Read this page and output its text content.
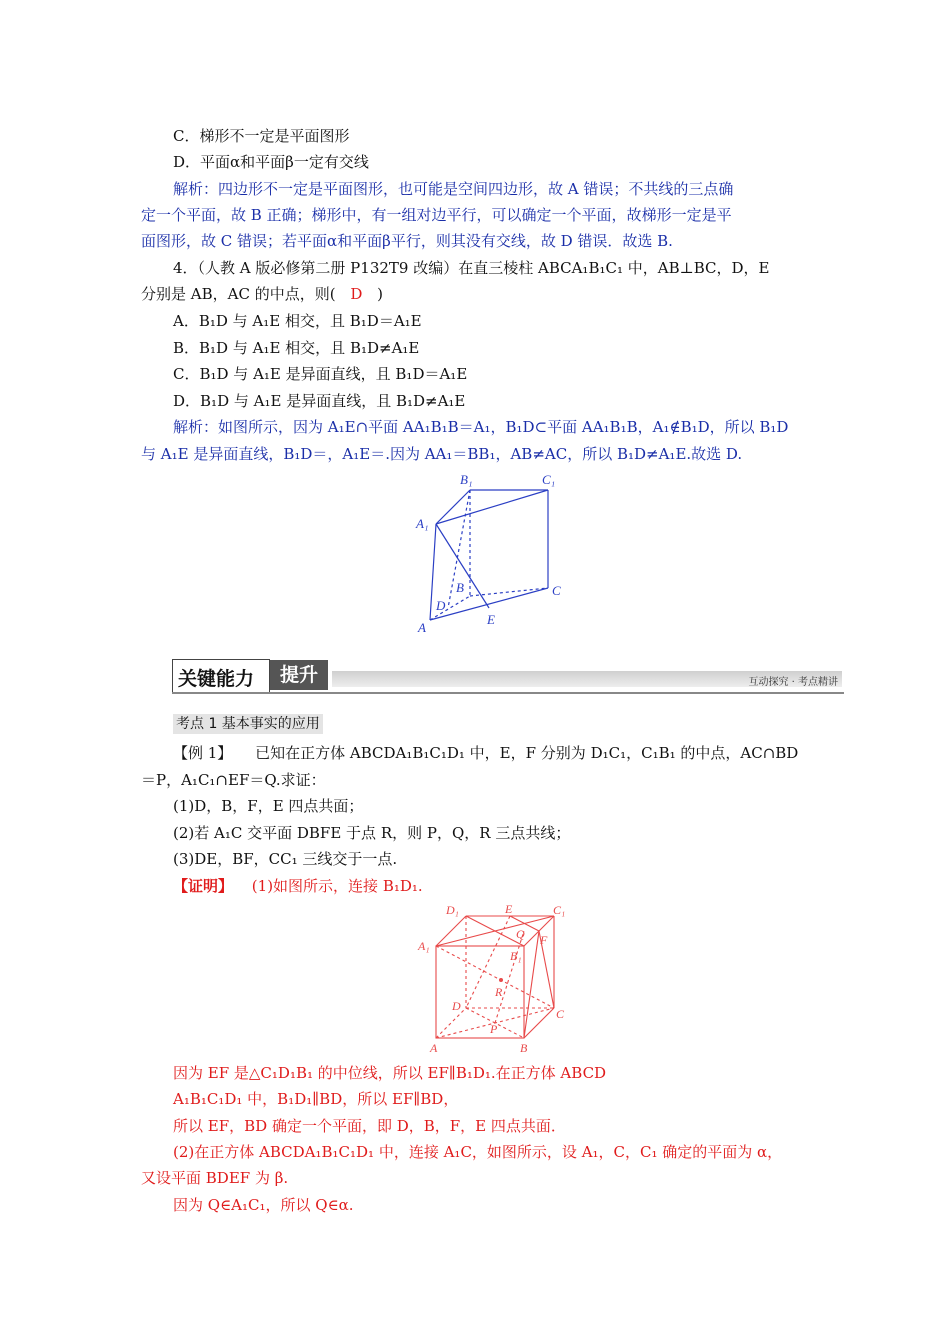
C．梯形不一定是平面图形
D．平面α和平面β一定有交线
解析：四边形不一定是平面图形，也可能是空间四边形，故 A 错误；不共线的三点确
定一个平面，故 B 正确；梯形中，有一组对边平行，可以确定一个平面，故梯形一定是平
面图形，故 C 错误；若平面α和平面β平行，则其没有交线，故 D 错误．故选 B.
4．（人教 A 版必修第二册 P132T9 改编）在直三棱柱 ABCA₁B₁C₁ 中，AB⊥BC，D，E
分别是 AB，AC 的中点，则( D )
A．B₁D 与 A₁E 相交，且 B₁D＝A₁E
B．B₁D 与 A₁E 相交，且 B₁D≠A₁E
C．B₁D 与 A₁E 是异面直线，且 B₁D＝A₁E
D．B₁D 与 A₁E 是异面直线，且 B₁D≠A₁E
解析：如图所示，因为 A₁E∩平面 AA₁B₁B＝A₁，B₁D⊂平面 AA₁B₁B，A₁∉B₁D，所以 B₁D
与 A₁E 是异面直线，B₁D＝，A₁E＝.因为 AA₁＝BB₁，AB≠AC，所以 B₁D≠A₁E.故选 D.
B₁	C₁
A₁
B	C
D
A
E
关键能力	提升	互动探究 · 考点精讲
考点 1 基本事实的应用
【例 1】 已知在正方体 ABCDA₁B₁C₁D₁ 中，E，F 分别为 D₁C₁，C₁B₁ 的中点，AC∩BD
＝P，A₁C₁∩EF＝Q.求证：
(1)D，B，F，E 四点共面；
(2)若 A₁C 交平面 DBFE 于点 R，则 P，Q，R 三点共线；
(3)DE，BF，CC₁ 三线交于一点.
【证明】 (1)如图所示，连接 B₁D₁.
D₁	E	C₁
Q F
A₁
B₁
R
D
C
P
A	B
因为 EF 是△C₁D₁B₁ 的中位线，所以 EF∥B₁D₁.在正方体 ABCD
A₁B₁C₁D₁ 中，B₁D₁∥BD，所以 EF∥BD，
所以 EF，BD 确定一个平面，即 D，B，F，E 四点共面．
(2)在正方体 ABCDA₁B₁C₁D₁ 中，连接 A₁C，如图所示，设 A₁，C，C₁ 确定的平面为 α，
又设平面 BDEF 为 β.
因为 Q∈A₁C₁，所以 Q∈α.
